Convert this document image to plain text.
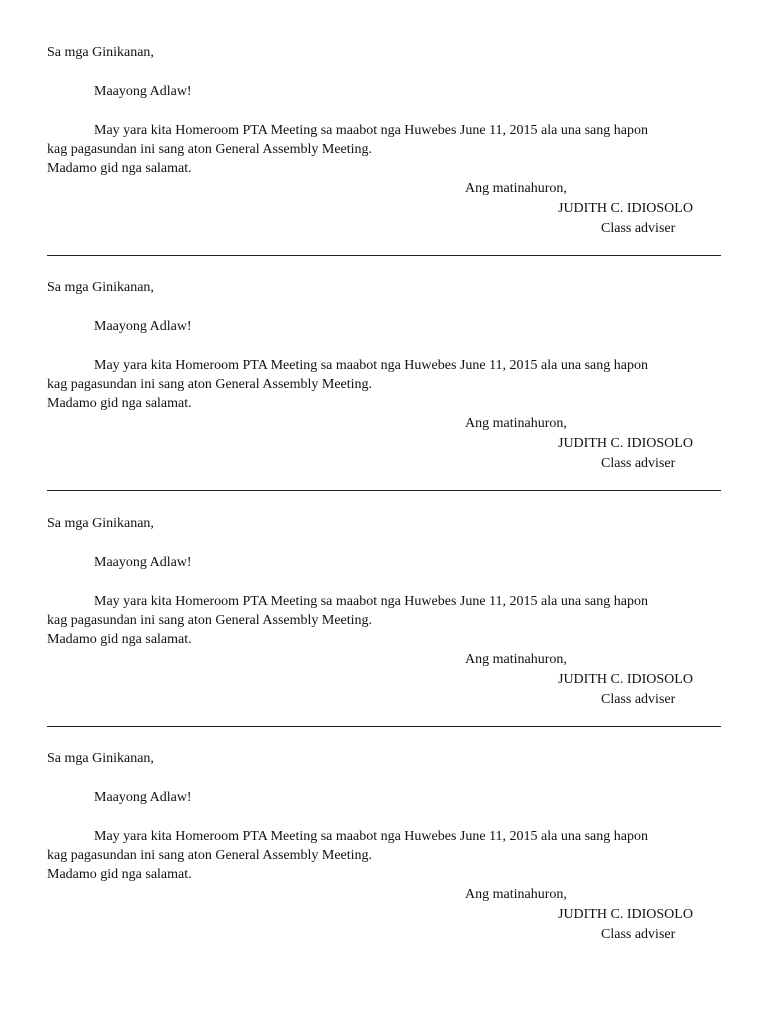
Sa mga Ginikanan,
Maayong Adlaw!
May yara kita Homeroom PTA Meeting sa maabot nga Huwebes June 11, 2015 ala una sang hapon
kag pagasundan ini sang aton General Assembly Meeting.
Madamo gid nga salamat.
Ang matinahuron,
JUDITH C. IDIOSOLO
Class adviser
Sa mga Ginikanan,
Maayong Adlaw!
May yara kita Homeroom PTA Meeting sa maabot nga Huwebes June 11, 2015 ala una sang hapon
kag pagasundan ini sang aton General Assembly Meeting.
Madamo gid nga salamat.
Ang matinahuron,
JUDITH C. IDIOSOLO
Class adviser
Sa mga Ginikanan,
Maayong Adlaw!
May yara kita Homeroom PTA Meeting sa maabot nga Huwebes June 11, 2015 ala una sang hapon
kag pagasundan ini sang aton General Assembly Meeting.
Madamo gid nga salamat.
Ang matinahuron,
JUDITH C. IDIOSOLO
Class adviser
Sa mga Ginikanan,
Maayong Adlaw!
May yara kita Homeroom PTA Meeting sa maabot nga Huwebes June 11, 2015 ala una sang hapon
kag pagasundan ini sang aton General Assembly Meeting.
Madamo gid nga salamat.
Ang matinahuron,
JUDITH C. IDIOSOLO
Class adviser
